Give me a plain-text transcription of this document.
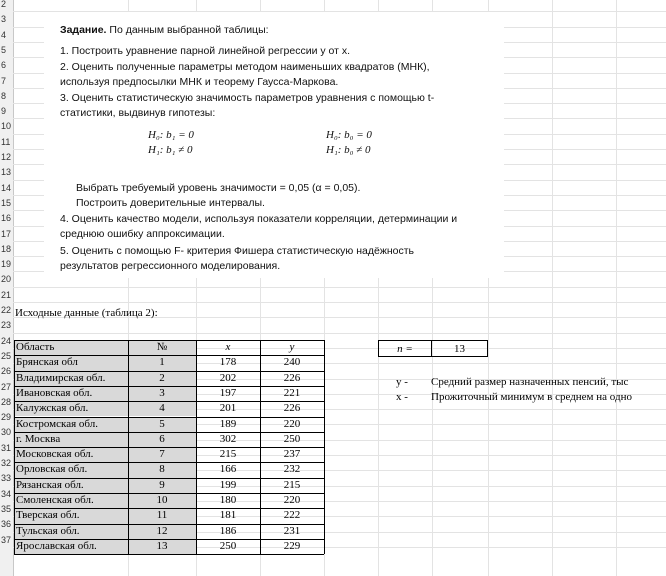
2
3
4
5
6
7
8
9
10
11
12
13
14
15
16
17
18
19
20
21
22
23
24
25
26
27
28
29
30
31
32
33
34
35
36
37
Задание. По данным выбранной таблицы:
1. Построить уравнение парной линейной регрессии y от x.
2. Оценить полученные параметры методом наименьших квадратов (МНК),
используя предпосылки МНК и теорему Гаусса-Маркова.
3. Оценить статистическую значимость параметров уравнения с помощью t-
статистики, выдвинув гипотезы:
H₀: b₁ = 0
H₁: b₁ ≠ 0
H₀: b₀ = 0
H₁: b₀ ≠ 0
Выбрать требуемый уровень значимости = 0,05 (α = 0,05).
Построить доверительные интервалы.
4. Оценить качество модели, используя показатели корреляции, детерминации и
среднюю ошибку аппроксимации.
5. Оценить с помощью F- критерия Фишера статистическую надёжность
результатов регрессионного моделирования.
Исходные данные (таблица 2):
Область	№	x	y
Брянская обл	1	178	240
Владимирская обл.	2	202	226
Ивановская обл.	3	197	221
Калужская обл.	4	201	226
Костромская обл.	5	189	220
г. Москва	6	302	250
Московская обл.	7	215	237
Орловская обл.	8	166	232
Рязанская обл.	9	199	215
Смоленская обл.	10	180	220
Тверская обл.	11	181	222
Тульская обл.	12	186	231
Ярославская обл.	13	250	229
n =	13
y - Средний размер назначенных пенсий, тыс
x - Прожиточный минимум в среднем на одно
